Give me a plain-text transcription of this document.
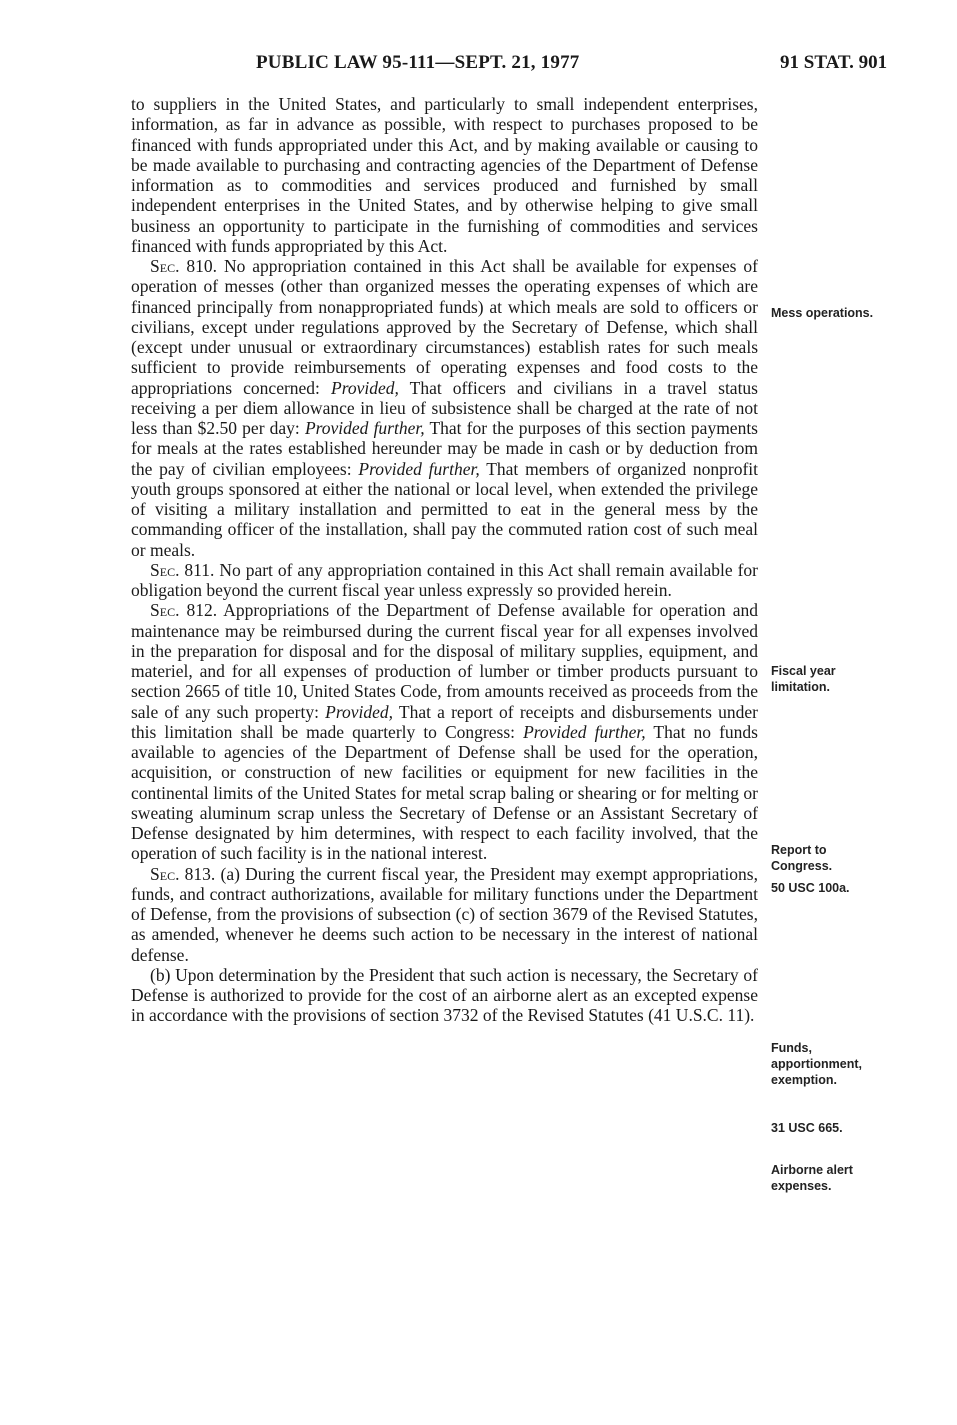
PUBLIC LAW 95-111—SEPT. 21, 1977	91 STAT. 901

to suppliers in the United States, and particularly to small independent enterprises, information, as far in advance as possible, with respect to purchases proposed to be financed with funds appropriated under this Act, and by making available or causing to be made available to purchasing and contracting agencies of the Department of Defense information as to commodities and services produced and furnished by small independent enterprises in the United States, and by otherwise helping to give small business an opportunity to participate in the furnishing of commodities and services financed with funds appropriated by this Act.

Sec. 810. No appropriation contained in this Act shall be available for expenses of operation of messes (other than organized messes the operating expenses of which are financed principally from nonappropriated funds) at which meals are sold to officers or civilians, except under regulations approved by the Secretary of Defense, which shall (except under unusual or extraordinary circumstances) establish rates for such meals sufficient to provide reimbursements of operating expenses and food costs to the appropriations concerned: Provided, That officers and civilians in a travel status receiving a per diem allowance in lieu of subsistence shall be charged at the rate of not less than $2.50 per day: Provided further, That for the purposes of this section payments for meals at the rates established hereunder may be made in cash or by deduction from the pay of civilian employees: Provided further, That members of organized nonprofit youth groups sponsored at either the national or local level, when extended the privilege of visiting a military installation and permitted to eat in the general mess by the commanding officer of the installation, shall pay the commuted ration cost of such meal or meals.

Sec. 811. No part of any appropriation contained in this Act shall remain available for obligation beyond the current fiscal year unless expressly so provided herein.

Sec. 812. Appropriations of the Department of Defense available for operation and maintenance may be reimbursed during the current fiscal year for all expenses involved in the preparation for disposal and for the disposal of military supplies, equipment, and materiel, and for all expenses of production of lumber or timber products pursuant to section 2665 of title 10, United States Code, from amounts received as proceeds from the sale of any such property: Provided, That a report of receipts and disbursements under this limitation shall be made quarterly to Congress: Provided further, That no funds available to agencies of the Department of Defense shall be used for the operation, acquisition, or construction of new facilities or equipment for new facilities in the continental limits of the United States for metal scrap baling or shearing or for melting or sweating aluminum scrap unless the Secretary of Defense or an Assistant Secretary of Defense designated by him determines, with respect to each facility involved, that the operation of such facility is in the national interest.

Sec. 813. (a) During the current fiscal year, the President may exempt appropriations, funds, and contract authorizations, available for military functions under the Department of Defense, from the provisions of subsection (c) of section 3679 of the Revised Statutes, as amended, whenever he deems such action to be necessary in the interest of national defense.

(b) Upon determination by the President that such action is necessary, the Secretary of Defense is authorized to provide for the cost of an airborne alert as an excepted expense in accordance with the provisions of section 3732 of the Revised Statutes (41 U.S.C. 11).

Mess operations.
Fiscal year
limitation.
Report to
Congress.
50 USC 100a.
Funds,
apportionment,
exemption.
31 USC 665.
Airborne alert
expenses.
